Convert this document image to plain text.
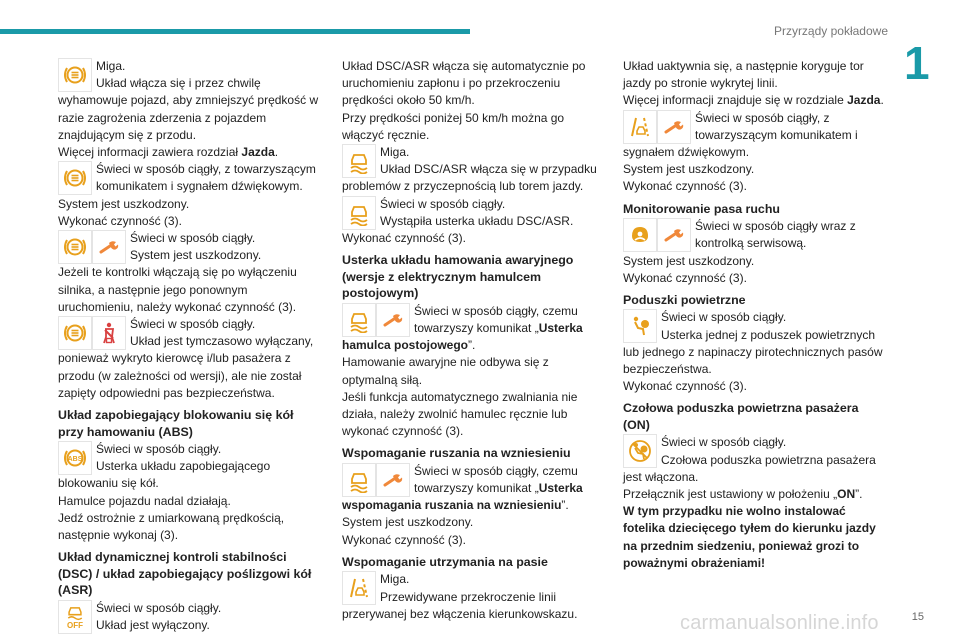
Przyrządy pokładowe
1
15
carmanualsonline.info
Miga.
Układ włącza się i przez chwilę wyhamowuje pojazd, aby zmniejszyć prędkość w razie zagrożenia zderzenia z pojazdem znajdującym się z przodu.
Więcej informacji zawiera rozdział Jazda.
Świeci w sposób ciągły, z towarzyszącym komunikatem i sygnałem dźwiękowym.
System jest uszkodzony.
Wykonać czynność (3).
Świeci w sposób ciągły.
System jest uszkodzony.
Jeżeli te kontrolki włączają się po wyłączeniu silnika, a następnie jego ponownym uruchomieniu, należy wykonać czynność (3).
Świeci w sposób ciągły.
Układ jest tymczasowo wyłączany, ponieważ wykryto kierowcę i/lub pasażera z przodu (w zależności od wersji), ale nie został zapięty odpowiedni pas bezpieczeństwa.
Układ zapobiegający blokowaniu się kół przy hamowaniu (ABS)
Świeci w sposób ciągły.
Usterka układu zapobiegającego blokowaniu się kół.
Hamulce pojazdu nadal działają.
Jedź ostrożnie z umiarkowaną prędkością, następnie wykonaj (3).
Układ dynamicznej kontroli stabilności (DSC) / układ zapobiegający poślizgowi kół (ASR)
OFF
Świeci w sposób ciągły.
Układ jest wyłączony.
Układ DSC/ASR włącza się automatycznie po uruchomieniu zapłonu i po przekroczeniu prędkości około 50 km/h.
Przy prędkości poniżej 50 km/h można go włączyć ręcznie.
Miga.
Układ DSC/ASR włącza się w przypadku problemów z przyczepnością lub torem jazdy.
Świeci w sposób ciągły.
Wystąpiła usterka układu DSC/ASR.
Wykonać czynność (3).
Usterka układu hamowania awaryjnego (wersje z elektrycznym hamulcem postojowym)
Świeci w sposób ciągły, czemu towarzyszy komunikat „Usterka hamulca postojowego”.
Hamowanie awaryjne nie odbywa się z optymalną siłą.
Jeśli funkcja automatycznego zwalniania nie działa, należy zwolnić hamulec ręcznie lub wykonać czynność (3).
Wspomaganie ruszania na wzniesieniu
Świeci w sposób ciągły, czemu towarzyszy komunikat „Usterka wspomagania ruszania na wzniesieniu”.
System jest uszkodzony.
Wykonać czynność (3).
Wspomaganie utrzymania na pasie
Miga.
Przewidywane przekroczenie linii przerywanej bez włączenia kierunkowskazu.
Układ uaktywnia się, a następnie koryguje tor jazdy po stronie wykrytej linii.
Więcej informacji znajduje się w rozdziale Jazda.
Świeci w sposób ciągły, z towarzyszącym komunikatem i sygnałem dźwiękowym.
System jest uszkodzony.
Wykonać czynność (3).
Monitorowanie pasa ruchu
Świeci w sposób ciągły wraz z kontrolką serwisową.
System jest uszkodzony.
Wykonać czynność (3).
Poduszki powietrzne
Świeci w sposób ciągły.
Usterka jednej z poduszek powietrznych lub jednego z napinaczy pirotechnicznych pasów bezpieczeństwa.
Wykonać czynność (3).
Czołowa poduszka powietrzna pasażera (ON)
Świeci w sposób ciągły.
Czołowa poduszka powietrzna pasażera jest włączona.
Przełącznik jest ustawiony w położeniu „ON”.
W tym przypadku nie wolno instalować fotelika dziecięcego tyłem do kierunku jazdy na przednim siedzeniu, ponieważ grozi to poważnymi obrażeniami!
